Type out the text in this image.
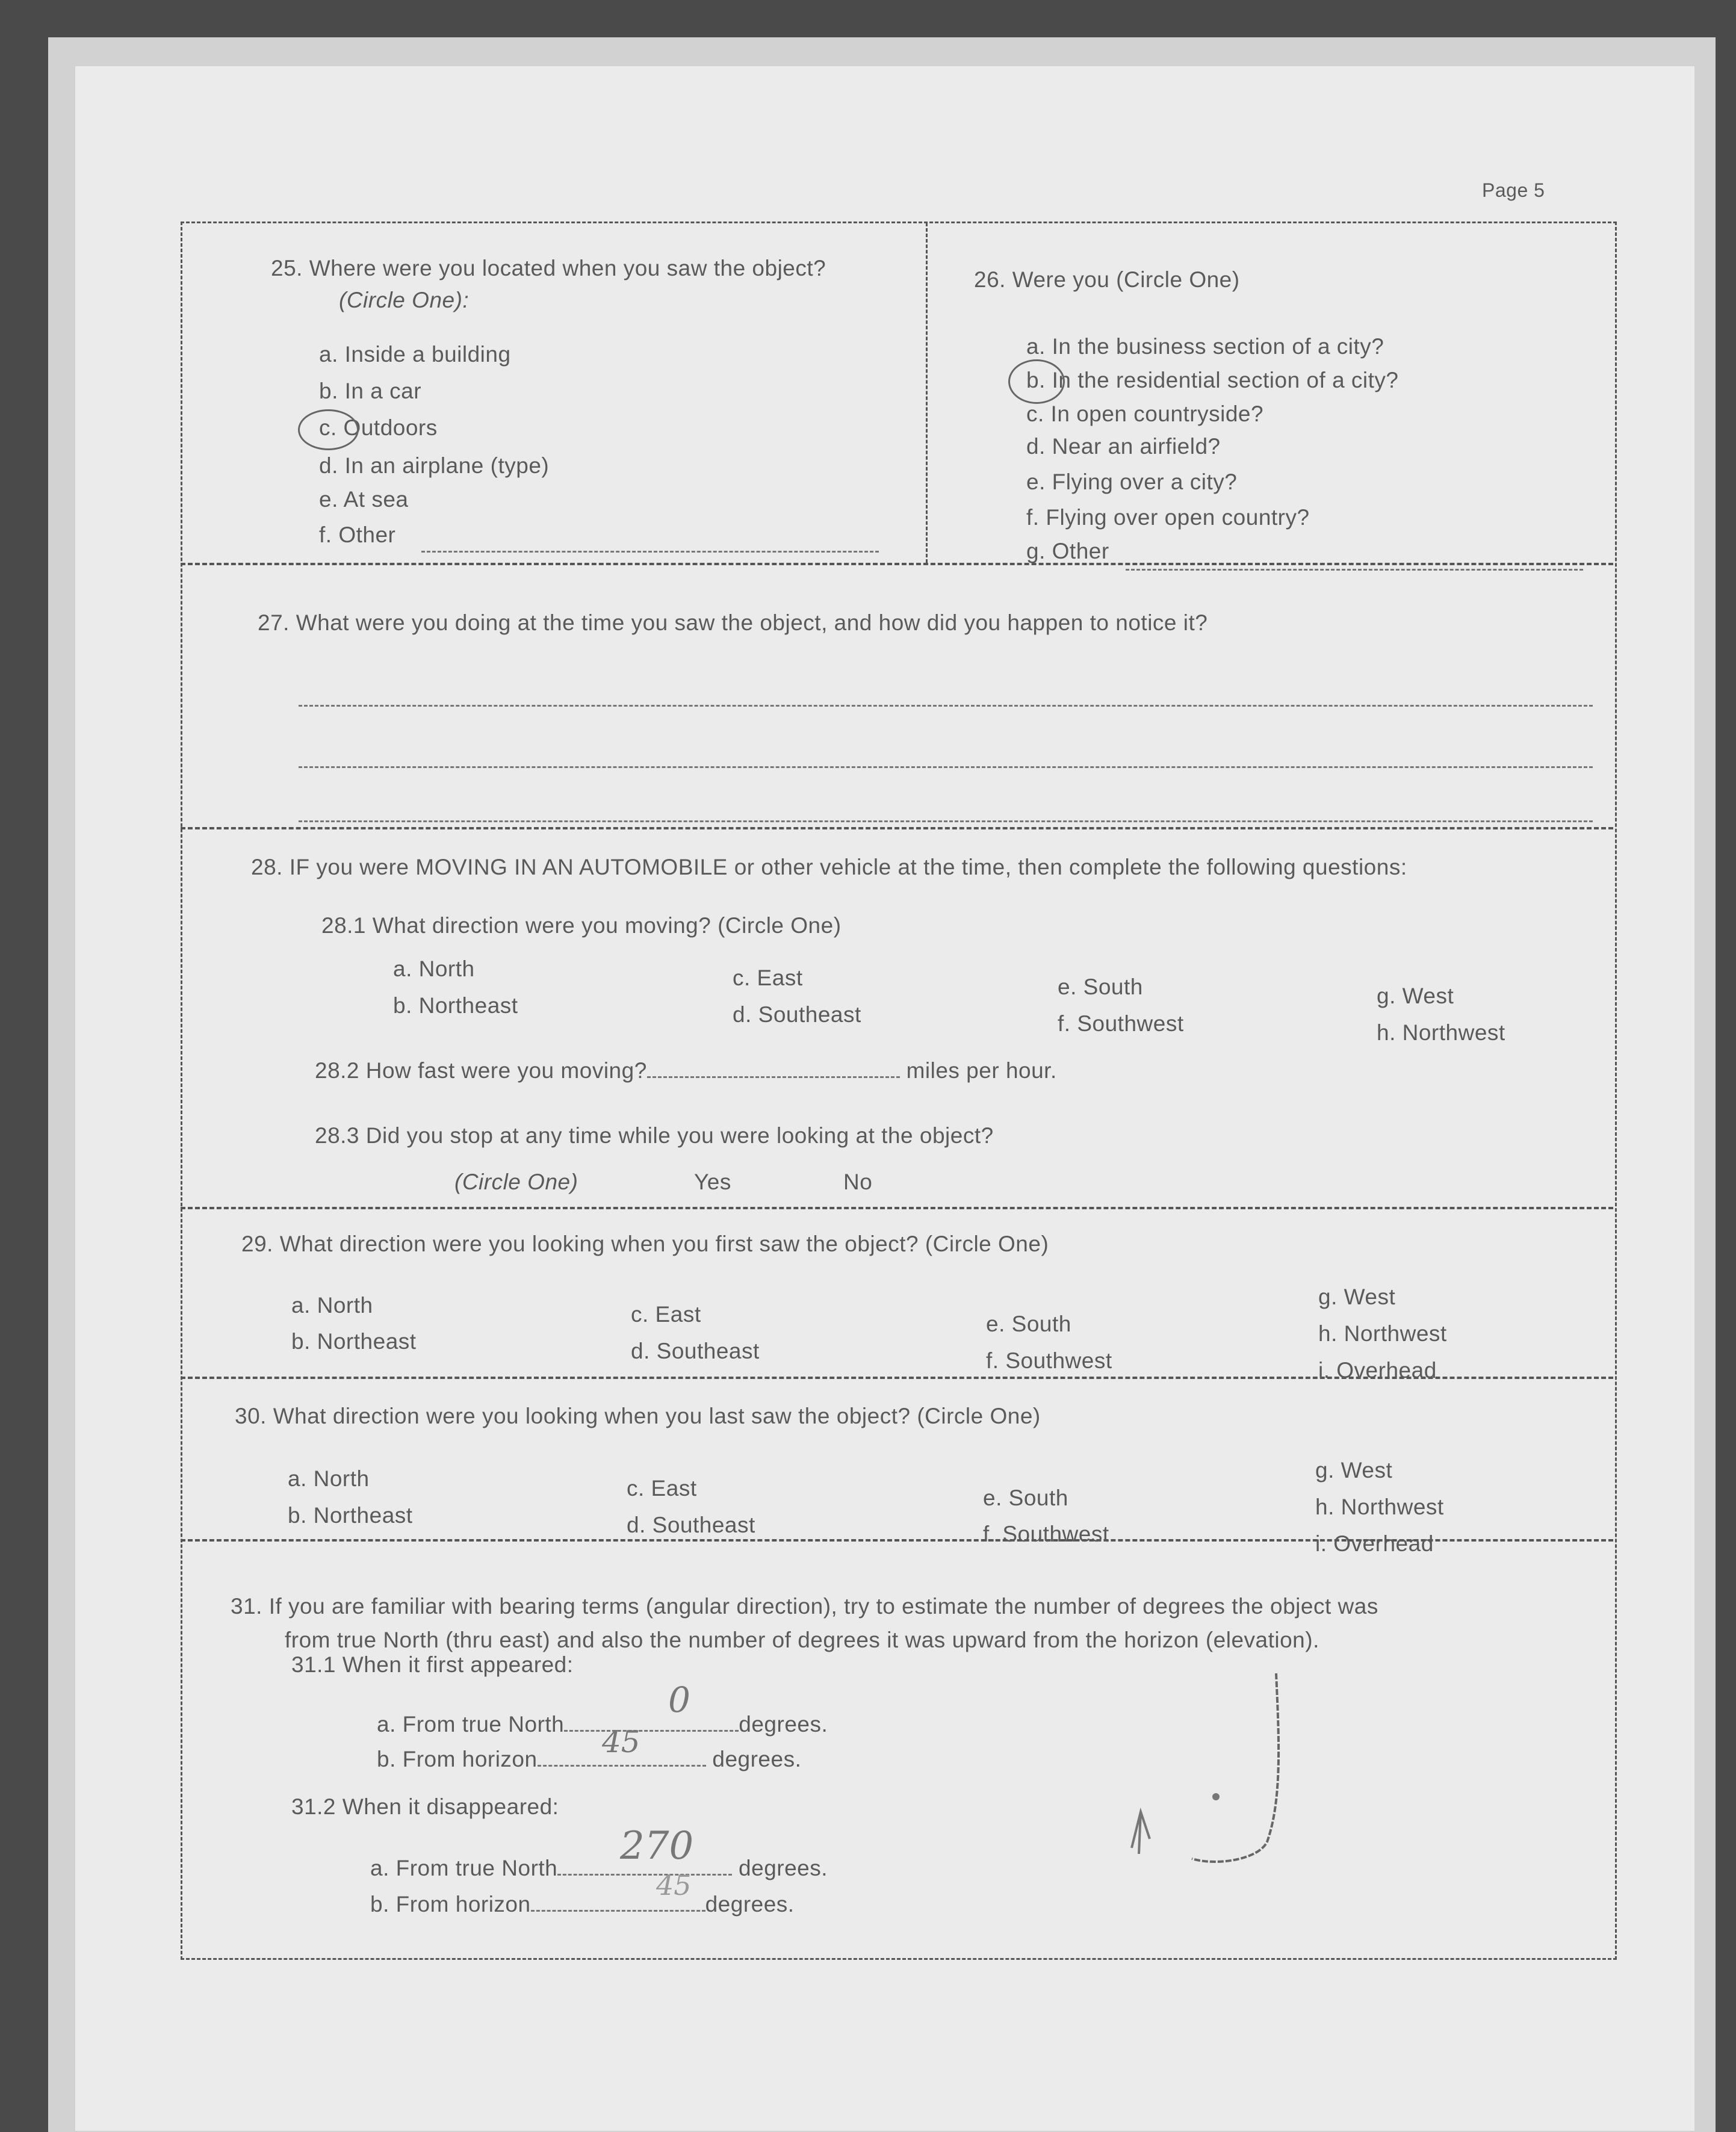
Page 5
25. Where were you located when you saw the object?
(Circle One):
a. Inside a building
b. In a car
c. Outdoors
d. In an airplane (type)
e. At sea
f. Other
26. Were you (Circle One)
a. In the business section of a city?
b. In the residential section of a city?
c. In open countryside?
d. Near an airfield?
e. Flying over a city?
f. Flying over open country?
g. Other
27. What were you doing at the time you saw the object, and how did you happen to notice it?
28. IF you were MOVING IN AN AUTOMOBILE or other vehicle at the time, then complete the following questions:
28.1 What direction were you moving? (Circle One)
a. North
b. Northeast
c. East
d. Southeast
e. South
f. Southwest
g. West
h. Northwest
28.2 How fast were you moving?	miles per hour.
28.3 Did you stop at any time while you were looking at the object?
(Circle One)	Yes	No
29. What direction were you looking when you first saw the object? (Circle One)
a. North
b. Northeast
c. East
d. Southeast
e. South
f. Southwest
g. West
h. Northwest
i. Overhead
30. What direction were you looking when you last saw the object? (Circle One)
a. North
b. Northeast
c. East
d. Southeast
e. South
f. Southwest
g. West
h. Northwest
i. Overhead
31. If you are familiar with bearing terms (angular direction), try to estimate the number of degrees the object was
from true North (thru east) and also the number of degrees it was upward from the horizon (elevation).
31.1 When it first appeared:
a. From true North	degrees.
0
b. From horizon	degrees.
45
31.2 When it disappeared:
a. From true North	degrees.
270
b. From horizon	degrees.
45
